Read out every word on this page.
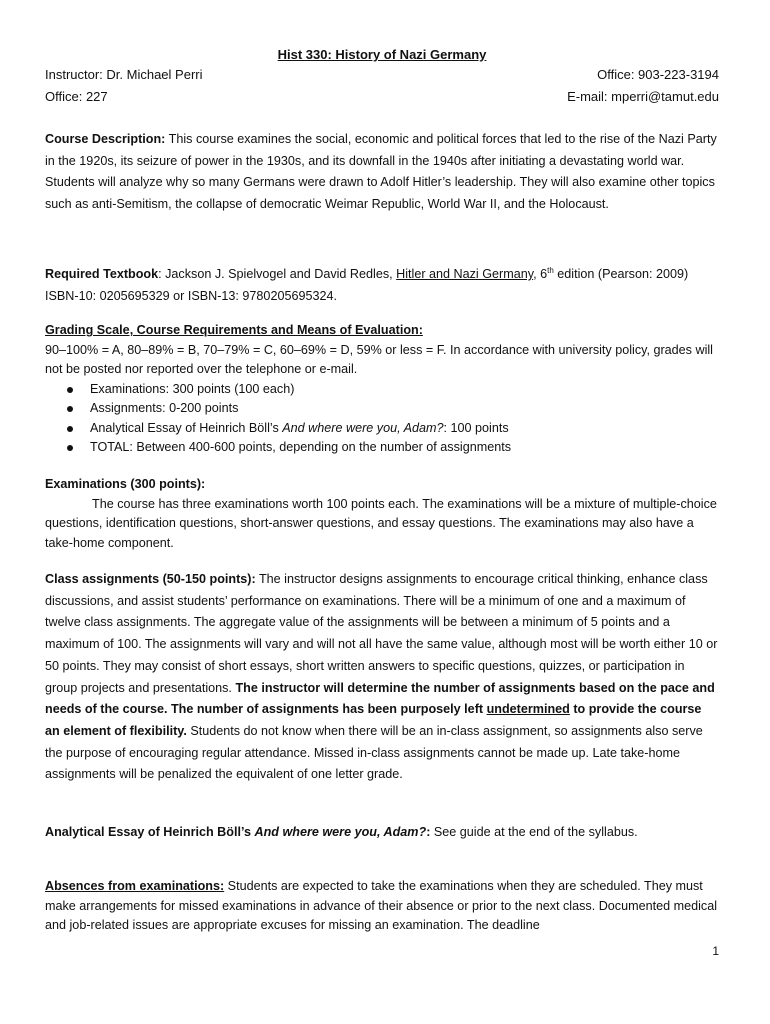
Hist 330: History of Nazi Germany
Instructor: Dr. Michael Perri	Office: 903-223-3194
Office: 227	E-mail: mperri@tamut.edu

Course Description: This course examines the social, economic and political forces that led to the rise of the Nazi Party in the 1920s, its seizure of power in the 1930s, and its downfall in the 1940s after initiating a devastating world war. Students will analyze why so many Germans were drawn to Adolf Hitler’s leadership. They will also examine other topics such as anti-Semitism, the collapse of democratic Weimar Republic, World War II, and the Holocaust.

Required Textbook: Jackson J. Spielvogel and David Redles, Hitler and Nazi Germany, 6th edition (Pearson: 2009) ISBN-10: 0205695329 or ISBN-13: 9780205695324.

Grading Scale, Course Requirements and Means of Evaluation:

90–100% = A, 80–89% = B, 70–79% = C, 60–69% = D, 59% or less = F. In accordance with university policy, grades will not be posted nor reported over the telephone or e-mail.

Examinations: 300 points (100 each)
Assignments: 0-200 points
Analytical Essay of Heinrich Böll’s And where were you, Adam?: 100 points
TOTAL: Between 400-600 points, depending on the number of assignments

Examinations (300 points):

The course has three examinations worth 100 points each. The examinations will be a mixture of multiple-choice questions, identification questions, short-answer questions, and essay questions. The examinations may also have a take-home component.

Class assignments (50-150 points): The instructor designs assignments to encourage critical thinking, enhance class discussions, and assist students’ performance on examinations. There will be a minimum of one and a maximum of twelve class assignments. The aggregate value of the assignments will be between a minimum of 5 points and a maximum of 100. The assignments will vary and will not all have the same value, although most will be worth either 10 or 50 points. They may consist of short essays, short written answers to specific questions, quizzes, or participation in group projects and presentations. The instructor will determine the number of assignments based on the pace and needs of the course. The number of assignments has been purposely left undetermined to provide the course an element of flexibility. Students do not know when there will be an in-class assignment, so assignments also serve the purpose of encouraging regular attendance. Missed in-class assignments cannot be made up. Late take-home assignments will be penalized the equivalent of one letter grade.

Analytical Essay of Heinrich Böll’s And where were you, Adam?: See guide at the end of the syllabus.

Absences from examinations: Students are expected to take the examinations when they are scheduled. They must make arrangements for missed examinations in advance of their absence or prior to the next class. Documented medical and job-related issues are appropriate excuses for missing an examination. The deadline

1
